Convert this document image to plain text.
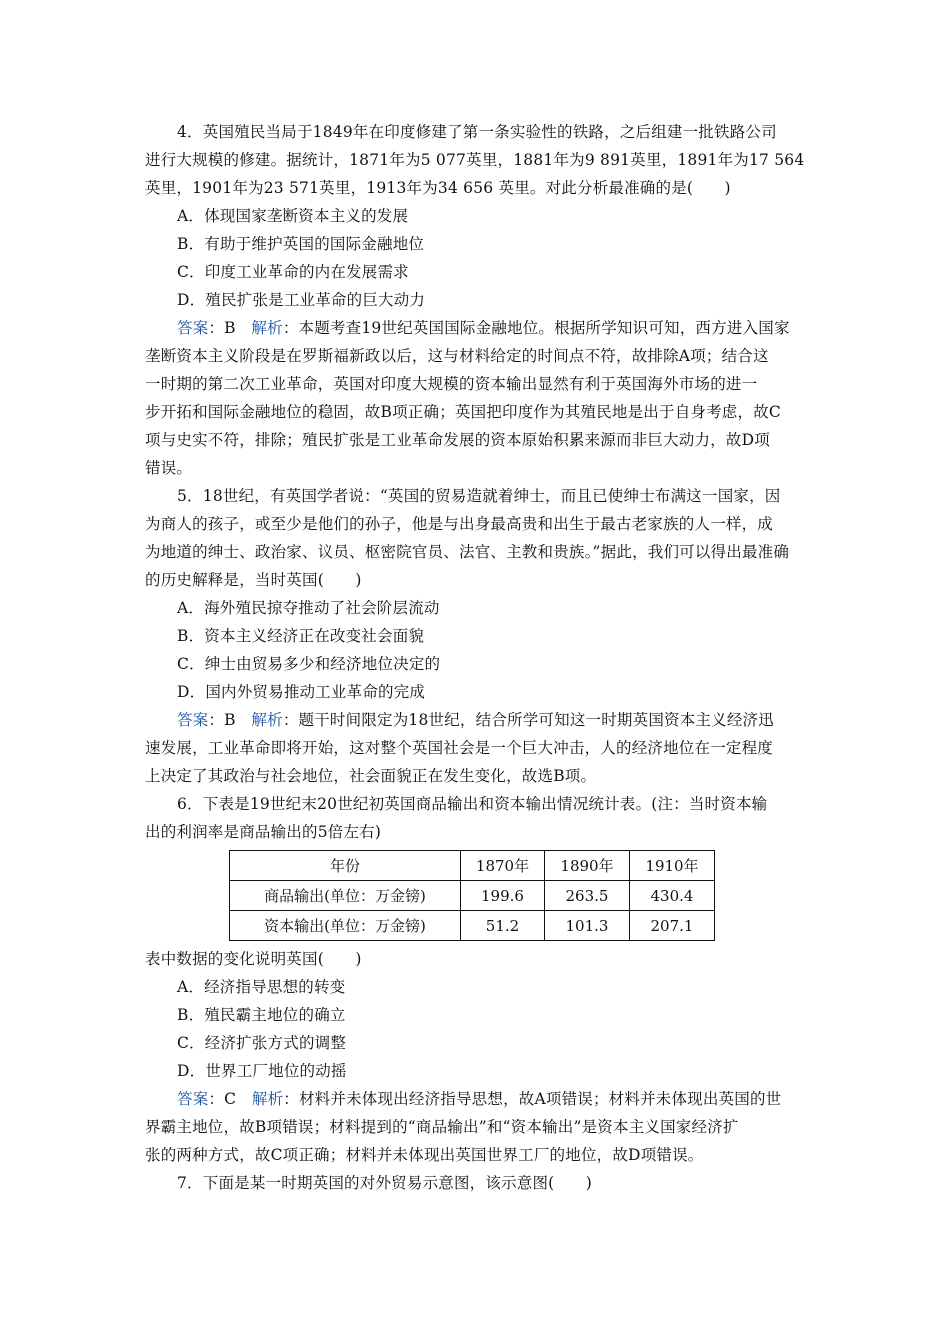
4．英国殖民当局于1849年在印度修建了第一条实验性的铁路，之后组建一批铁路公司
进行大规模的修建。据统计，1871年为5 077英里，1881年为9 891英里，1891年为17 564
英里，1901年为23 571英里，1913年为34 656 英里。对此分析最准确的是(　　)
A．体现国家垄断资本主义的发展
B．有助于维护英国的国际金融地位
C．印度工业革命的内在发展需求
D．殖民扩张是工业革命的巨大动力
答案：B　解析：本题考查19世纪英国国际金融地位。根据所学知识可知，西方进入国家
垄断资本主义阶段是在罗斯福新政以后，这与材料给定的时间点不符，故排除A项；结合这
一时期的第二次工业革命，英国对印度大规模的资本输出显然有利于英国海外市场的进一
步开拓和国际金融地位的稳固，故B项正确；英国把印度作为其殖民地是出于自身考虑，故C
项与史实不符，排除；殖民扩张是工业革命发展的资本原始积累来源而非巨大动力，故D项
错误。
5．18世纪，有英国学者说：“英国的贸易造就着绅士，而且已使绅士布满这一国家，因
为商人的孩子，或至少是他们的孙子，他是与出身最高贵和出生于最古老家族的人一样，成
为地道的绅士、政治家、议员、枢密院官员、法官、主教和贵族。”据此，我们可以得出最准确
的历史解释是，当时英国(　　)
A．海外殖民掠夺推动了社会阶层流动
B．资本主义经济正在改变社会面貌
C．绅士由贸易多少和经济地位决定的
D．国内外贸易推动工业革命的完成
答案：B　解析：题干时间限定为18世纪，结合所学可知这一时期英国资本主义经济迅
速发展，工业革命即将开始，这对整个英国社会是一个巨大冲击，人的经济地位在一定程度
上决定了其政治与社会地位，社会面貌正在发生变化，故选B项。
6．下表是19世纪末20世纪初英国商品输出和资本输出情况统计表。(注：当时资本输
出的利润率是商品输出的5倍左右)
年份	1870年	1890年	1910年
商品输出(单位：万金镑)	199.6	263.5	430.4
资本输出(单位：万金镑)	51.2	101.3	207.1
表中数据的变化说明英国(　　)
A．经济指导思想的转变
B．殖民霸主地位的确立
C．经济扩张方式的调整
D．世界工厂地位的动摇
答案：C　解析：材料并未体现出经济指导思想，故A项错误；材料并未体现出英国的世
界霸主地位，故B项错误；材料提到的“商品输出”和“资本输出”是资本主义国家经济扩
张的两种方式，故C项正确；材料并未体现出英国世界工厂的地位，故D项错误。
7．下面是某一时期英国的对外贸易示意图，该示意图(　　)
